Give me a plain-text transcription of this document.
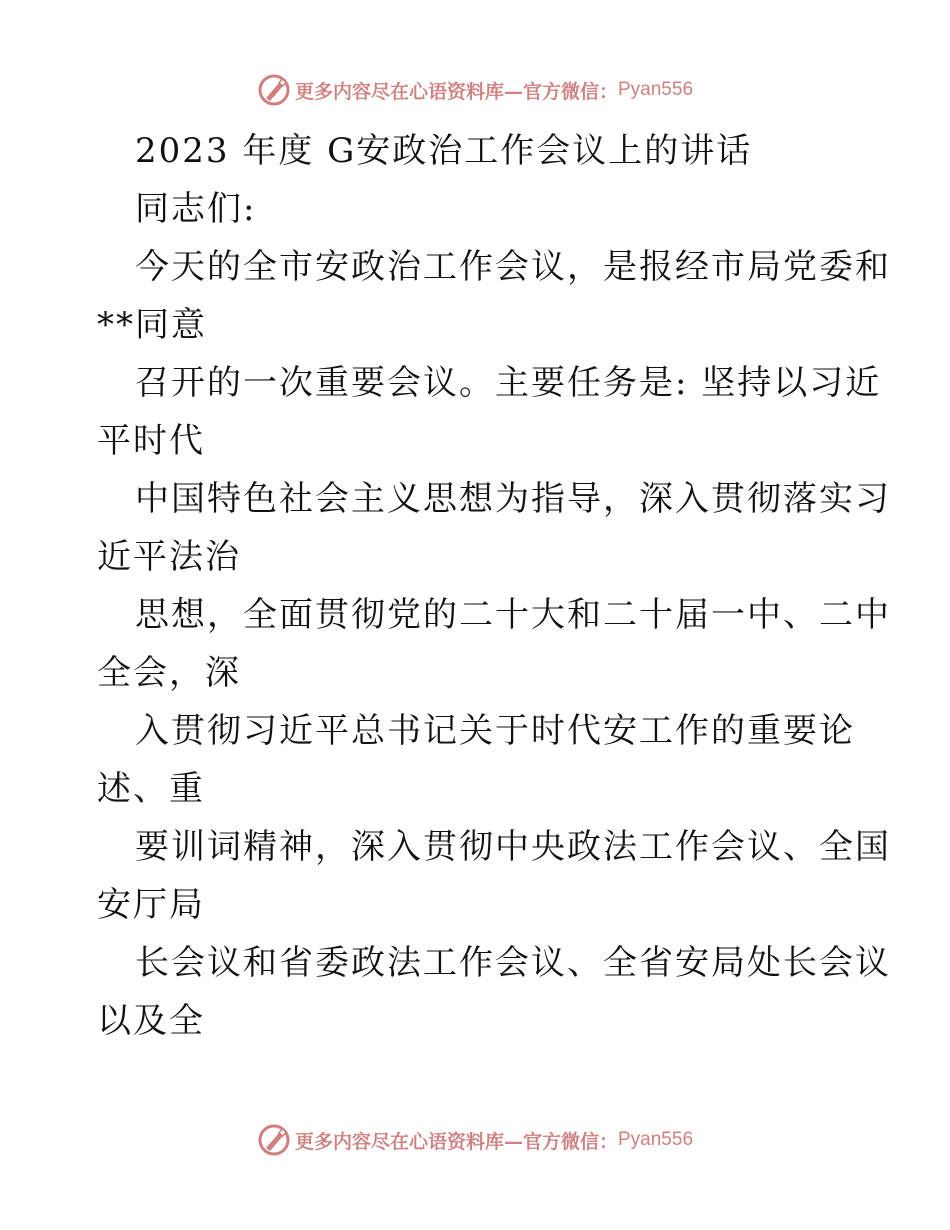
更多内容尽在心语资料库—官方微信： Pyan556
2023 年度 G安政治工作会议上的讲话
同志们:
今天的全市安政治工作会议，是报经市局党委和
**同意
召开的一次重要会议。主要任务是: 坚持以习近
平时代
中国特色社会主义思想为指导，深入贯彻落实习
近平法治
思想，全面贯彻党的二十大和二十届一中、二中
全会，深
入贯彻习近平总书记关于时代安工作的重要论
述、重
要训词精神，深入贯彻中央政法工作会议、全国
安厅局
长会议和省委政法工作会议、全省安局处长会议
以及全
更多内容尽在心语资料库—官方微信： Pyan556
